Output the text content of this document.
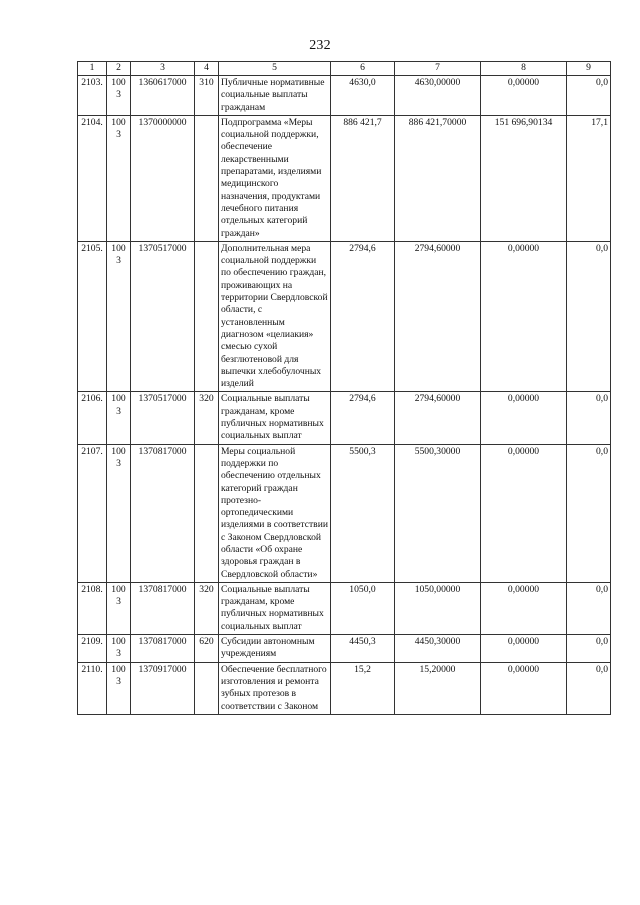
232
1	2	3	4	5	6	7	8	9
2103.	1003	1360617000	310	Публичные нормативные социальные выплаты гражданам	4630,0	4630,00000	0,00000	0,0
2104.	1003	1370000000		Подпрограмма «Меры социальной поддержки, обеспечение лекарственными препаратами, изделиями медицинского назначения, продуктами лечебного питания отдельных категорий граждан»	886 421,7	886 421,70000	151 696,90134	17,1
2105.	1003	1370517000		Дополнительная мера социальной поддержки по обеспечению граждан, проживающих на территории Свердловской области, с установленным диагнозом «целиакия» смесью сухой безглютеновой для выпечки хлебобулочных изделий	2794,6	2794,60000	0,00000	0,0
2106.	1003	1370517000	320	Социальные выплаты гражданам, кроме публичных нормативных социальных выплат	2794,6	2794,60000	0,00000	0,0
2107.	1003	1370817000		Меры социальной поддержки по обеспечению отдельных категорий граждан протезно-ортопедическими изделиями в соответствии с Законом Свердловской области «Об охране здоровья граждан в Свердловской области»	5500,3	5500,30000	0,00000	0,0
2108.	1003	1370817000	320	Социальные выплаты гражданам, кроме публичных нормативных социальных выплат	1050,0	1050,00000	0,00000	0,0
2109.	1003	1370817000	620	Субсидии автономным учреждениям	4450,3	4450,30000	0,00000	0,0
2110.	1003	1370917000		Обеспечение бесплатного изготовления и ремонта зубных протезов в соответствии с Законом	15,2	15,20000	0,00000	0,0
